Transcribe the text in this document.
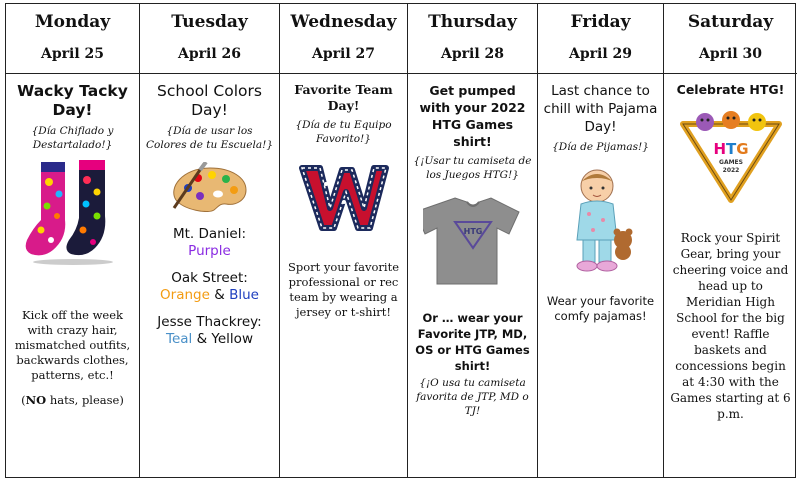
Monday
April 25
Tuesday
April 26
Wednesday
April 27
Thursday
April 28
Friday
April 29
Saturday
April 30
Wacky Tacky Day!
{Día Chiflado y Destartalado!}
Kick off the week with crazy hair, mismatched outfits, backwards clothes, patterns, etc.!
(NO hats, please)
School Colors Day!
{Día de usar los Colores de tu Escuela!}
Mt. Daniel:
Purple
Oak Street:
Orange & Blue
Jesse Thackrey:
Teal & Yellow
Favorite Team Day!
{Día de tu Equipo Favorito!}
Sport your favorite professional or rec team by wearing a jersey or t-shirt!
Get pumped with your 2022 HTG Games shirt!
{¡Usar tu camiseta de los Juegos HTG!}
HTG
Or … wear your Favorite JTP, MD, OS or HTG Games shirt!
{¡O usa tu camiseta favorita de JTP, MD o TJ!
Last chance to chill with Pajama Day!
{Día de Pijamas!}
Wear your favorite comfy pajamas!
Celebrate HTG!
HTG
GAMES
2022
Rock your Spirit Gear, bring your cheering voice and head up to Meridian High School for the big event! Raffle baskets and concessions begin at 4:30 with the Games starting at 6 p.m.
